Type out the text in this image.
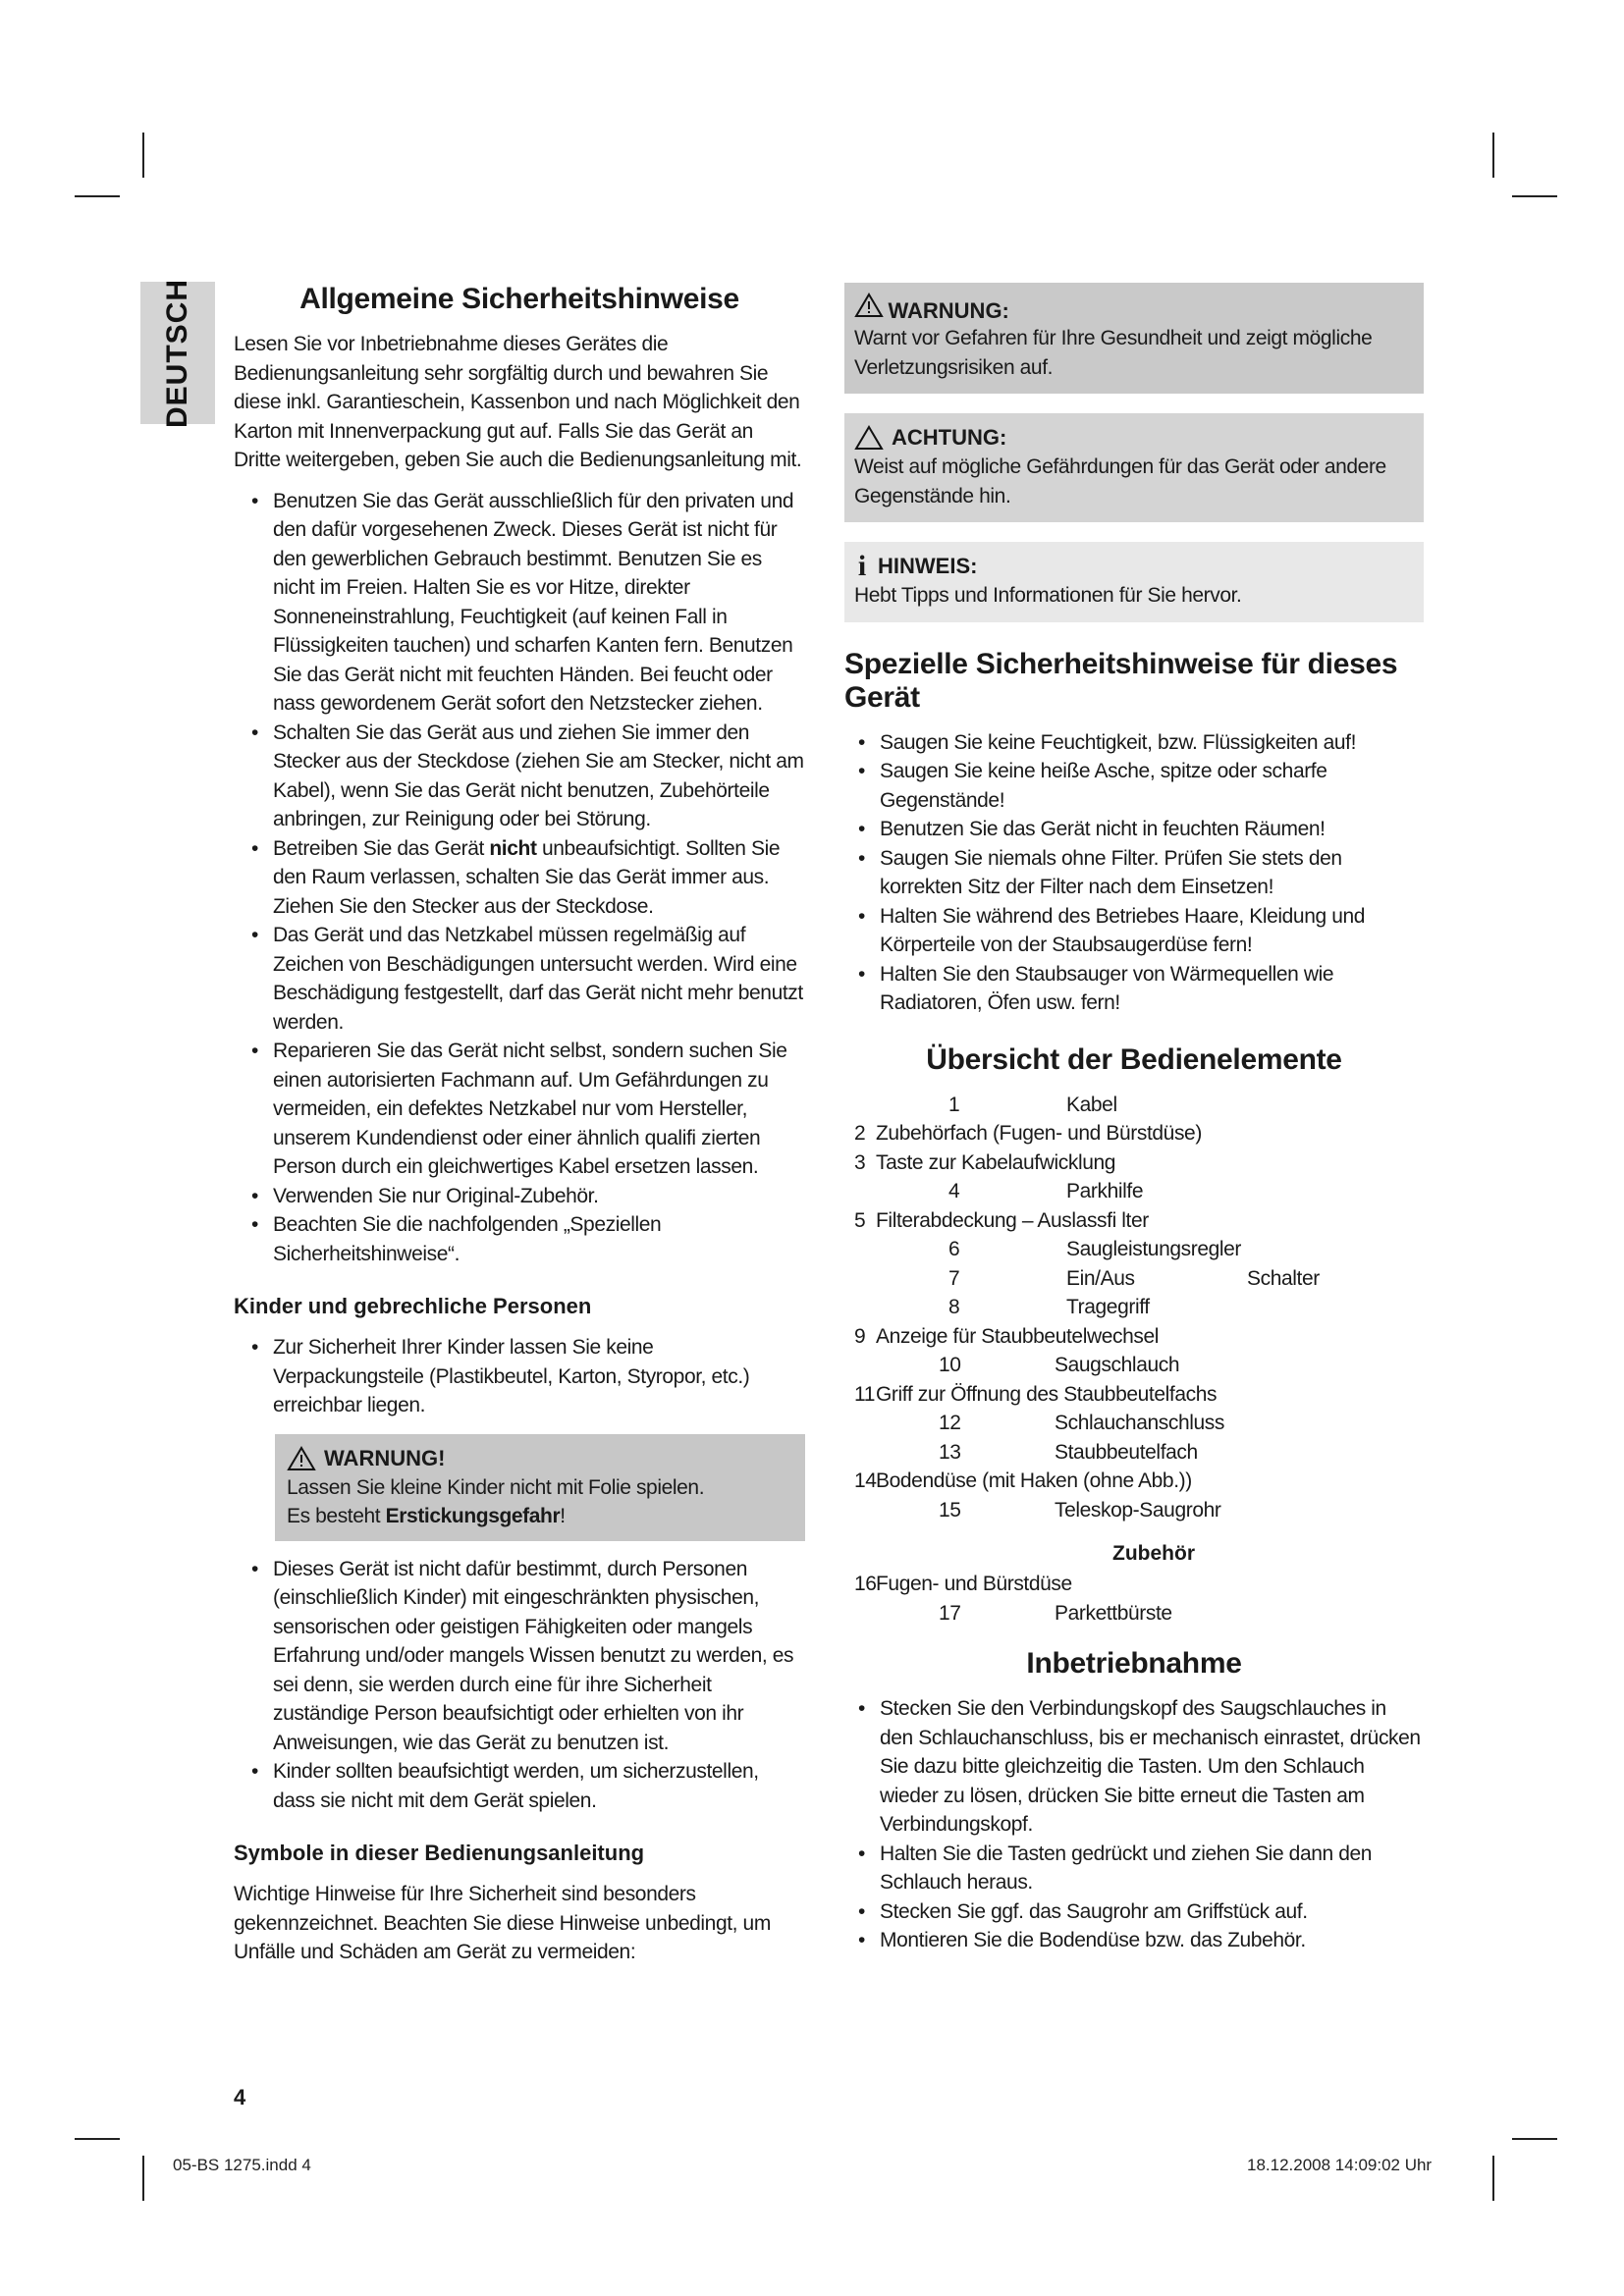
DEUTSCH	Allgemeine Sicherheitshinweise

Lesen Sie vor Inbetriebnahme dieses Gerätes die Bedienungsanleitung sehr sorgfältig durch und bewahren Sie diese inkl. Garantieschein, Kassenbon und nach Möglichkeit den Karton mit Innenverpackung gut auf. Falls Sie das Gerät an Dritte weitergeben, geben Sie auch die Bedienungsanleitung mit.

• Benutzen Sie das Gerät ausschließlich für den privaten und den dafür vorgesehenen Zweck. Dieses Gerät ist nicht für den gewerblichen Gebrauch bestimmt. Benutzen Sie es nicht im Freien. Halten Sie es vor Hitze, direkter Sonneneinstrahlung, Feuchtigkeit (auf keinen Fall in Flüssigkeiten tauchen) und scharfen Kanten fern. Benutzen Sie das Gerät nicht mit feuchten Händen. Bei feucht oder nass gewordenem Gerät sofort den Netzstecker ziehen.
• Schalten Sie das Gerät aus und ziehen Sie immer den Stecker aus der Steckdose (ziehen Sie am Stecker, nicht am Kabel), wenn Sie das Gerät nicht benutzen, Zubehörteile anbringen, zur Reinigung oder bei Störung.
• Betreiben Sie das Gerät nicht unbeaufsichtigt. Sollten Sie den Raum verlassen, schalten Sie das Gerät immer aus. Ziehen Sie den Stecker aus der Steckdose.
• Das Gerät und das Netzkabel müssen regelmäßig auf Zeichen von Beschädigungen untersucht werden. Wird eine Beschädigung festgestellt, darf das Gerät nicht mehr benutzt werden.
• Reparieren Sie das Gerät nicht selbst, sondern suchen Sie einen autorisierten Fachmann auf. Um Gefährdungen zu vermeiden, ein defektes Netzkabel nur vom Hersteller, unserem Kundendienst oder einer ähnlich qualifi zierten Person durch ein gleichwertiges Kabel ersetzen lassen.
• Verwenden Sie nur Original-Zubehör.
• Beachten Sie die nachfolgenden „Speziellen Sicherheitshinweise“.
Kinder und gebrechliche Personen
• Zur Sicherheit Ihrer Kinder lassen Sie keine Verpackungsteile (Plastikbeutel, Karton, Styropor, etc.) erreichbar liegen.
WARNUNG!
Lassen Sie kleine Kinder nicht mit Folie spielen.
Es besteht Erstickungsgefahr!
• Dieses Gerät ist nicht dafür bestimmt, durch Personen (einschließlich Kinder) mit eingeschränkten physischen, sensorischen oder geistigen Fähigkeiten oder mangels Erfahrung und/oder mangels Wissen benutzt zu werden, es sei denn, sie werden durch eine für ihre Sicherheit zuständige Person beaufsichtigt oder erhielten von ihr Anweisungen, wie das Gerät zu benutzen ist.
• Kinder sollten beaufsichtigt werden, um sicherzustellen, dass sie nicht mit dem Gerät spielen.
Symbole in dieser Bedienungsanleitung

Wichtige Hinweise für Ihre Sicherheit sind besonders gekennzeichnet. Beachten Sie diese Hinweise unbedingt, um Unfälle und Schäden am Gerät zu vermeiden:

WARNUNG:
Warnt vor Gefahren für Ihre Gesundheit und zeigt mögliche Verletzungsrisiken auf.
ACHTUNG:
Weist auf mögliche Gefährdungen für das Gerät oder andere Gegenstände hin.
i HINWEIS:
Hebt Tipps und Informationen für Sie hervor.
Spezielle Sicherheitshinweise für dieses Gerät
• Saugen Sie keine Feuchtigkeit, bzw. Flüssigkeiten auf!
• Saugen Sie keine heiße Asche, spitze oder scharfe Gegenstände!
• Benutzen Sie das Gerät nicht in feuchten Räumen!
• Saugen Sie niemals ohne Filter. Prüfen Sie stets den korrekten Sitz der Filter nach dem Einsetzen!
• Halten Sie während des Betriebes Haare, Kleidung und Körperteile von der Staubsaugerdüse fern!
• Halten Sie den Staubsauger von Wärmequellen wie Radiatoren, Öfen usw. fern!
Übersicht der Bedienelemente
1	Kabel
2 Zubehörfach (Fugen- und Bürstdüse)
3 Taste zur Kabelaufwicklung
4	Parkhilfe
5 Filterabdeckung – Auslassfi lter
6	Saugleistungsregler
7	Ein/Aus	Schalter
8	Tragegriff
9 Anzeige für Staubbeutelwechsel
10	Saugschlauch
11 Griff zur Öffnung des Staubbeutelfachs
12	Schlauchanschluss
13	Staubbeutelfach
14 Bodendüse (mit Haken (ohne Abb.))
15	Teleskop-Saugrohr
Zubehör
16 Fugen- und Bürstdüse
17	Parkettbürste
Inbetriebnahme
• Stecken Sie den Verbindungskopf des Saugschlauches in den Schlauchanschluss, bis er mechanisch einrastet, drücken Sie dazu bitte gleichzeitig die Tasten. Um den Schlauch wieder zu lösen, drücken Sie bitte erneut die Tasten am Verbindungskopf.
• Halten Sie die Tasten gedrückt und ziehen Sie dann den Schlauch heraus.
• Stecken Sie ggf. das Saugrohr am Griffstück auf.
• Montieren Sie die Bodendüse bzw. das Zubehör.
4
05-BS 1275.indd 4	18.12.2008 14:09:02 Uhr
